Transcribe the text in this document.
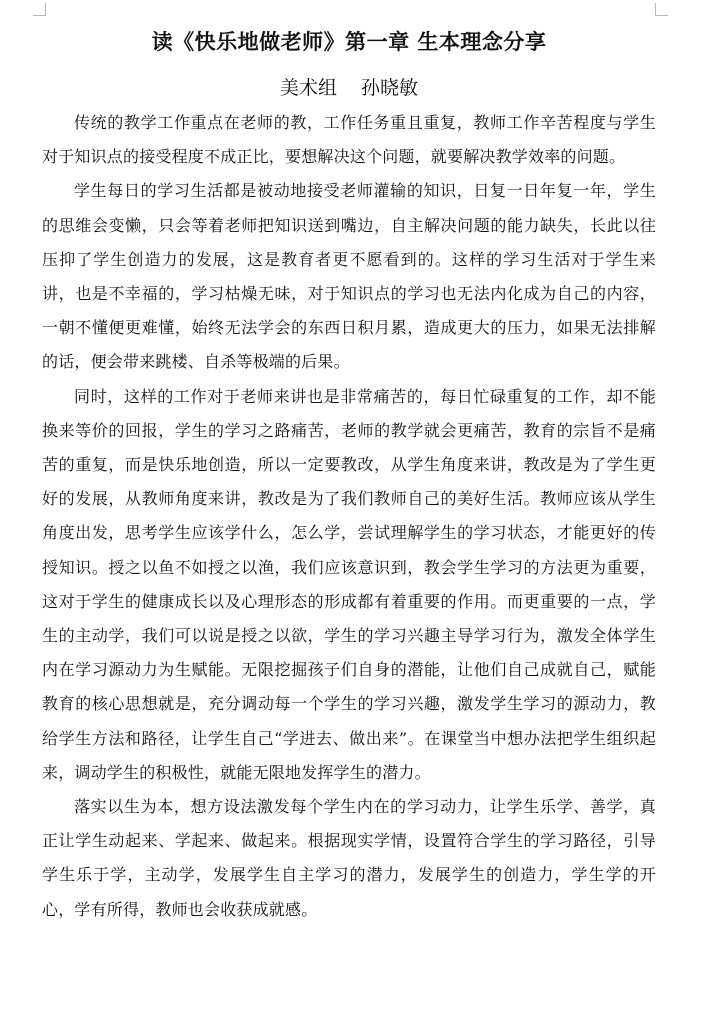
读《快乐地做老师》第一章 生本理念分享
美术组 孙晓敏

传统的教学工作重点在老师的教，工作任务重且重复，教师工作辛苦程度与学生对于知识点的接受程度不成正比，要想解决这个问题，就要解决教学效率的问题。

学生每日的学习生活都是被动地接受老师灌输的知识，日复一日年复一年，学生的思维会变懒，只会等着老师把知识送到嘴边，自主解决问题的能力缺失，长此以往压抑了学生创造力的发展，这是教育者更不愿看到的。这样的学习生活对于学生来讲，也是不幸福的，学习枯燥无味，对于知识点的学习也无法内化成为自己的内容，一朝不懂便更难懂，始终无法学会的东西日积月累，造成更大的压力，如果无法排解的话，便会带来跳楼、自杀等极端的后果。

同时，这样的工作对于老师来讲也是非常痛苦的，每日忙碌重复的工作，却不能换来等价的回报，学生的学习之路痛苦，老师的教学就会更痛苦，教育的宗旨不是痛苦的重复，而是快乐地创造，所以一定要教改，从学生角度来讲，教改是为了学生更好的发展，从教师角度来讲，教改是为了我们教师自己的美好生活。教师应该从学生角度出发，思考学生应该学什么，怎么学，尝试理解学生的学习状态，才能更好的传授知识。授之以鱼不如授之以渔，我们应该意识到，教会学生学习的方法更为重要，这对于学生的健康成长以及心理形态的形成都有着重要的作用。而更重要的一点，学生的主动学，我们可以说是授之以欲，学生的学习兴趣主导学习行为，激发全体学生内在学习源动力为生赋能。无限挖掘孩子们自身的潜能，让他们自己成就自己，赋能教育的核心思想就是，充分调动每一个学生的学习兴趣，激发学生学习的源动力，教给学生方法和路径，让学生自己“学进去、做出来”。在课堂当中想办法把学生组织起来，调动学生的积极性，就能无限地发挥学生的潜力。

落实以生为本，想方设法激发每个学生内在的学习动力，让学生乐学、善学，真正让学生动起来、学起来、做起来。根据现实学情，设置符合学生的学习路径，引导学生乐于学，主动学，发展学生自主学习的潜力，发展学生的创造力，学生学的开心，学有所得，教师也会收获成就感。
